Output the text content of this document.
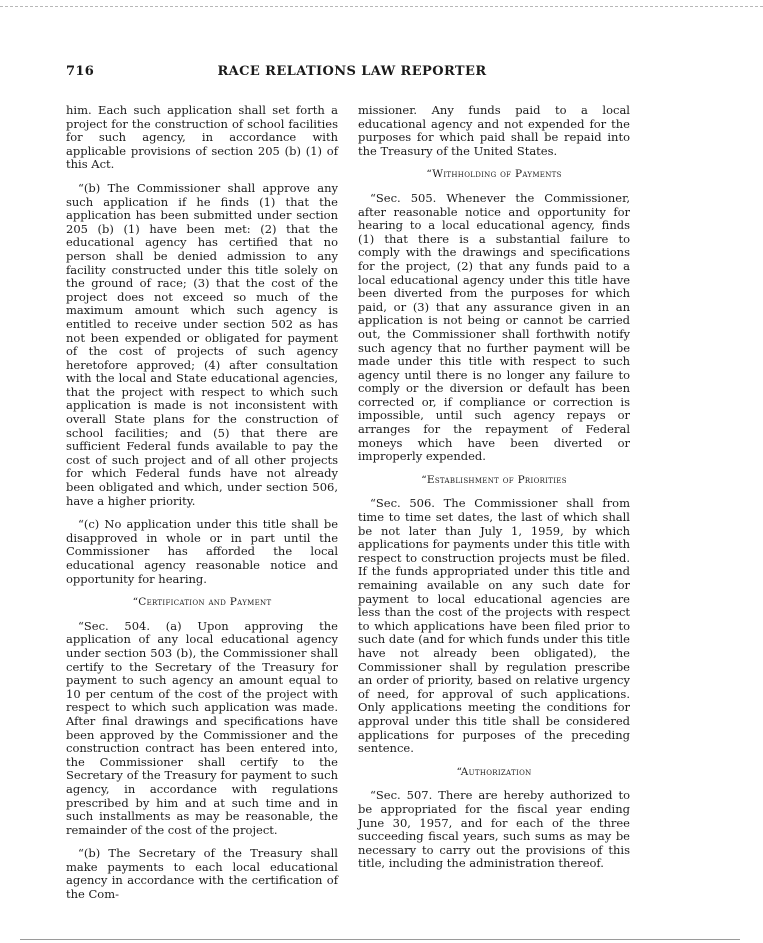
716	RACE RELATIONS LAW REPORTER

him. Each such application shall set forth a project for the construction of school facilities for such agency, in accordance with applicable provisions of section 205 (b) (1) of this Act.

“(b) The Commissioner shall approve any such application if he finds (1) that the application has been submitted under section 205 (b) (1) have been met: (2) that the educational agency has certified that no person shall be denied admission to any facility constructed under this title solely on the ground of race; (3) that the cost of the project does not exceed so much of the maximum amount which such agency is entitled to receive under section 502 as has not been expended or obligated for payment of the cost of projects of such agency heretofore approved; (4) after consultation with the local and State educational agencies, that the project with respect to which such application is made is not inconsistent with overall State plans for the construction of school facilities; and (5) that there are sufficient Federal funds available to pay the cost of such project and of all other projects for which Federal funds have not already been obligated and which, under section 506, have a higher priority.

“(c) No application under this title shall be disapproved in whole or in part until the Commissioner has afforded the local educational agency reasonable notice and opportunity for hearing.

“Certification and Payment

“Sec. 504. (a) Upon approving the application of any local educational agency under section 503 (b), the Commissioner shall certify to the Secretary of the Treasury for payment to such agency an amount equal to 10 per centum of the cost of the project with respect to which such application was made. After final drawings and specifications have been approved by the Commissioner and the construction contract has been entered into, the Commissioner shall certify to the Secretary of the Treasury for payment to such agency, in accordance with regulations prescribed by him and at such time and in such installments as may be reasonable, the remainder of the cost of the project.

“(b) The Secretary of the Treasury shall make payments to each local educational agency in accordance with the certification of the Com-

missioner. Any funds paid to a local educational agency and not expended for the purposes for which paid shall be repaid into the Treasury of the United States.

“Withholding of Payments

“Sec. 505. Whenever the Commissioner, after reasonable notice and opportunity for hearing to a local educational agency, finds (1) that there is a substantial failure to comply with the drawings and specifications for the project, (2) that any funds paid to a local educational agency under this title have been diverted from the purposes for which paid, or (3) that any assurance given in an application is not being or cannot be carried out, the Commissioner shall forthwith notify such agency that no further payment will be made under this title with respect to such agency until there is no longer any failure to comply or the diversion or default has been corrected or, if compliance or correction is impossible, until such agency repays or arranges for the repayment of Federal moneys which have been diverted or improperly expended.

“Establishment of Priorities

“Sec. 506. The Commissioner shall from time to time set dates, the last of which shall be not later than July 1, 1959, by which applications for payments under this title with respect to construction projects must be filed. If the funds appropriated under this title and remaining available on any such date for payment to local educational agencies are less than the cost of the projects with respect to which applications have been filed prior to such date (and for which funds under this title have not already been obligated), the Commissioner shall by regulation prescribe an order of priority, based on relative urgency of need, for approval of such applications. Only applications meeting the conditions for approval under this title shall be considered applications for purposes of the preceding sentence.

“Authorization

“Sec. 507. There are hereby authorized to be appropriated for the fiscal year ending June 30, 1957, and for each of the three succeeding fiscal years, such sums as may be necessary to carry out the provisions of this title, including the administration thereof.
